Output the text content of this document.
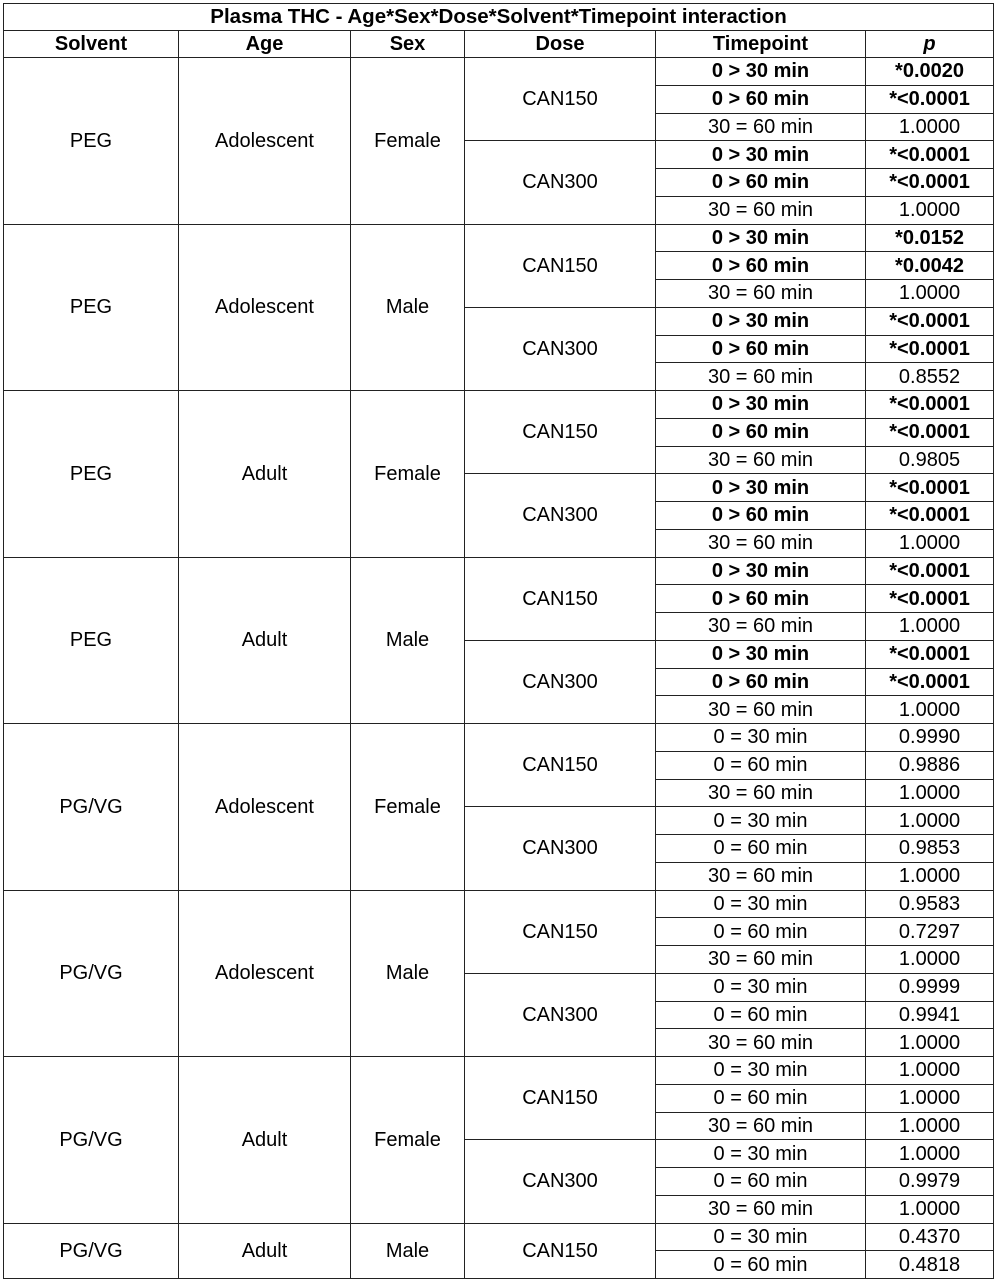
Plasma THC - Age*Sex*Dose*Solvent*Timepoint interaction					
Solvent	Age	Sex	Dose	Timepoint	p
PEG	Adolescent	Female	CAN150	0 > 30 min	*0.0020
				0 > 60 min	*<0.0001
				30 = 60 min	1.0000
			CAN300	0 > 30 min	*<0.0001
				0 > 60 min	*<0.0001
				30 = 60 min	1.0000
PEG	Adolescent	Male	CAN150	0 > 30 min	*0.0152
				0 > 60 min	*0.0042
				30 = 60 min	1.0000
			CAN300	0 > 30 min	*<0.0001
				0 > 60 min	*<0.0001
				30 = 60 min	0.8552
PEG	Adult	Female	CAN150	0 > 30 min	*<0.0001
				0 > 60 min	*<0.0001
				30 = 60 min	0.9805
			CAN300	0 > 30 min	*<0.0001
				0 > 60 min	*<0.0001
				30 = 60 min	1.0000
PEG	Adult	Male	CAN150	0 > 30 min	*<0.0001
				0 > 60 min	*<0.0001
				30 = 60 min	1.0000
			CAN300	0 > 30 min	*<0.0001
				0 > 60 min	*<0.0001
				30 = 60 min	1.0000
PG/VG	Adolescent	Female	CAN150	0 = 30 min	0.9990
				0 = 60 min	0.9886
				30 = 60 min	1.0000
			CAN300	0 = 30 min	1.0000
				0 = 60 min	0.9853
				30 = 60 min	1.0000
PG/VG	Adolescent	Male	CAN150	0 = 30 min	0.9583
				0 = 60 min	0.7297
				30 = 60 min	1.0000
			CAN300	0 = 30 min	0.9999
				0 = 60 min	0.9941
				30 = 60 min	1.0000
PG/VG	Adult	Female	CAN150	0 = 30 min	1.0000
				0 = 60 min	1.0000
				30 = 60 min	1.0000
			CAN300	0 = 30 min	1.0000
				0 = 60 min	0.9979
				30 = 60 min	1.0000
PG/VG	Adult	Male	CAN150	0 = 30 min	0.4370
				0 = 60 min	0.4818
